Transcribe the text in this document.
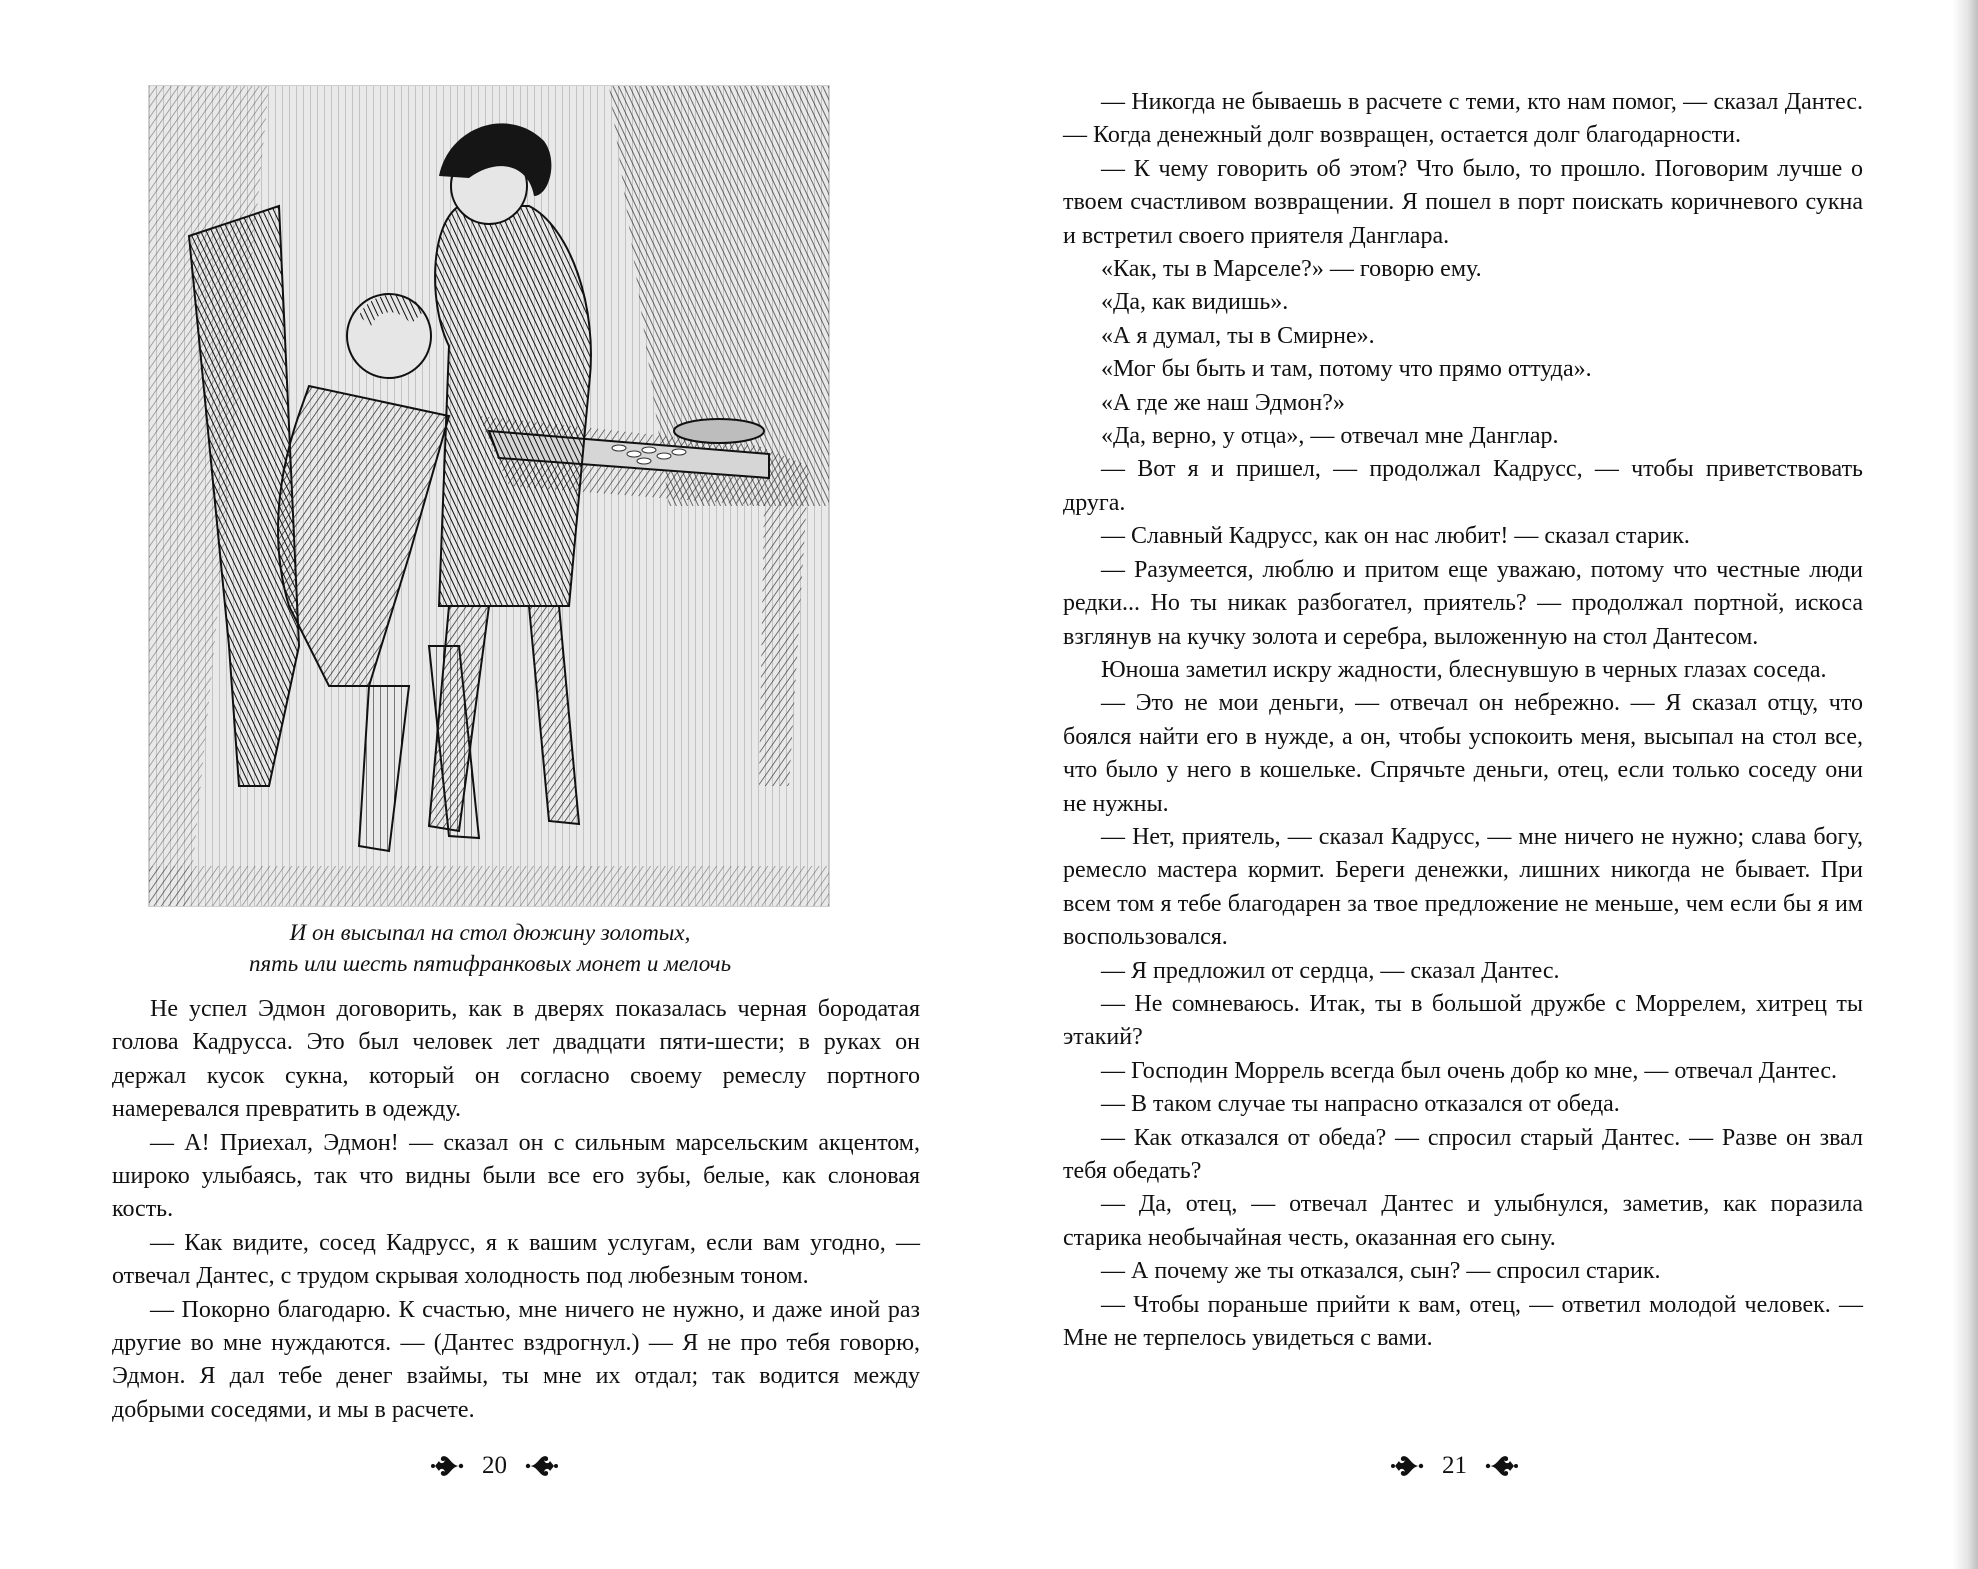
И он высыпал на стол дюжину золотых,
пять или шесть пятифранковых монет и мелочь

Не успел Эдмон договорить, как в дверях показалась черная бородатая голова Кадрусса. Это был человек лет двадцати пяти-шести; в руках он держал кусок сукна, который он согласно своему ремеслу портного намеревался превратить в одежду.

— А! Приехал, Эдмон! — сказал он с сильным марсельским акцентом, широко улыбаясь, так что видны были все его зубы, белые, как слоновая кость.

— Как видите, сосед Кадрусс, я к вашим услугам, если вам угодно, — отвечал Дантес, с трудом скрывая холодность под любезным тоном.

— Покорно благодарю. К счастью, мне ничего не нужно, и даже иной раз другие во мне нуждаются. — (Дантес вздрогнул.) — Я не про тебя говорю, Эдмон. Я дал тебе денег взаймы, ты мне их отдал; так водится между добрыми соседями, и мы в расчете.

20

— Никогда не бываешь в расчете с теми, кто нам помог, — сказал Дантес. — Когда денежный долг возвращен, остается долг благодарности.

— К чему говорить об этом? Что было, то прошло. Поговорим лучше о твоем счастливом возвращении. Я пошел в порт поискать коричневого сукна и встретил своего приятеля Данглара.

«Как, ты в Марселе?» — говорю ему.

«Да, как видишь».

«А я думал, ты в Смирне».

«Мог бы быть и там, потому что прямо оттуда».

«А где же наш Эдмон?»

«Да, верно, у отца», — отвечал мне Данглар.

— Вот я и пришел, — продолжал Кадрусс, — чтобы приветствовать друга.

— Славный Кадрусс, как он нас любит! — сказал старик.

— Разумеется, люблю и притом еще уважаю, потому что честные люди редки... Но ты никак разбогател, приятель? — продолжал портной, искоса взглянув на кучку золота и серебра, выложенную на стол Дантесом.

Юноша заметил искру жадности, блеснувшую в черных глазах соседа.

— Это не мои деньги, — отвечал он небрежно. — Я сказал отцу, что боялся найти его в нужде, а он, чтобы успокоить меня, высыпал на стол все, что было у него в кошельке. Спрячьте деньги, отец, если только соседу они не нужны.

— Нет, приятель, — сказал Кадрусс, — мне ничего не нужно; слава богу, ремесло мастера кормит. Береги денежки, лишних никогда не бывает. При всем том я тебе благодарен за твое предложение не меньше, чем если бы я им воспользовался.

— Я предложил от сердца, — сказал Дантес.

— Не сомневаюсь. Итак, ты в большой дружбе с Моррелем, хитрец ты этакий?

— Господин Моррель всегда был очень добр ко мне, — отвечал Дантес.

— В таком случае ты напрасно отказался от обеда.

— Как отказался от обеда? — спросил старый Дантес. — Разве он звал тебя обедать?

— Да, отец, — отвечал Дантес и улыбнулся, заметив, как поразила старика необычайная честь, оказанная его сыну.

— А почему же ты отказался, сын? — спросил старик.

— Чтобы пораньше прийти к вам, отец, — ответил молодой человек. — Мне не терпелось увидеться с вами.

21
